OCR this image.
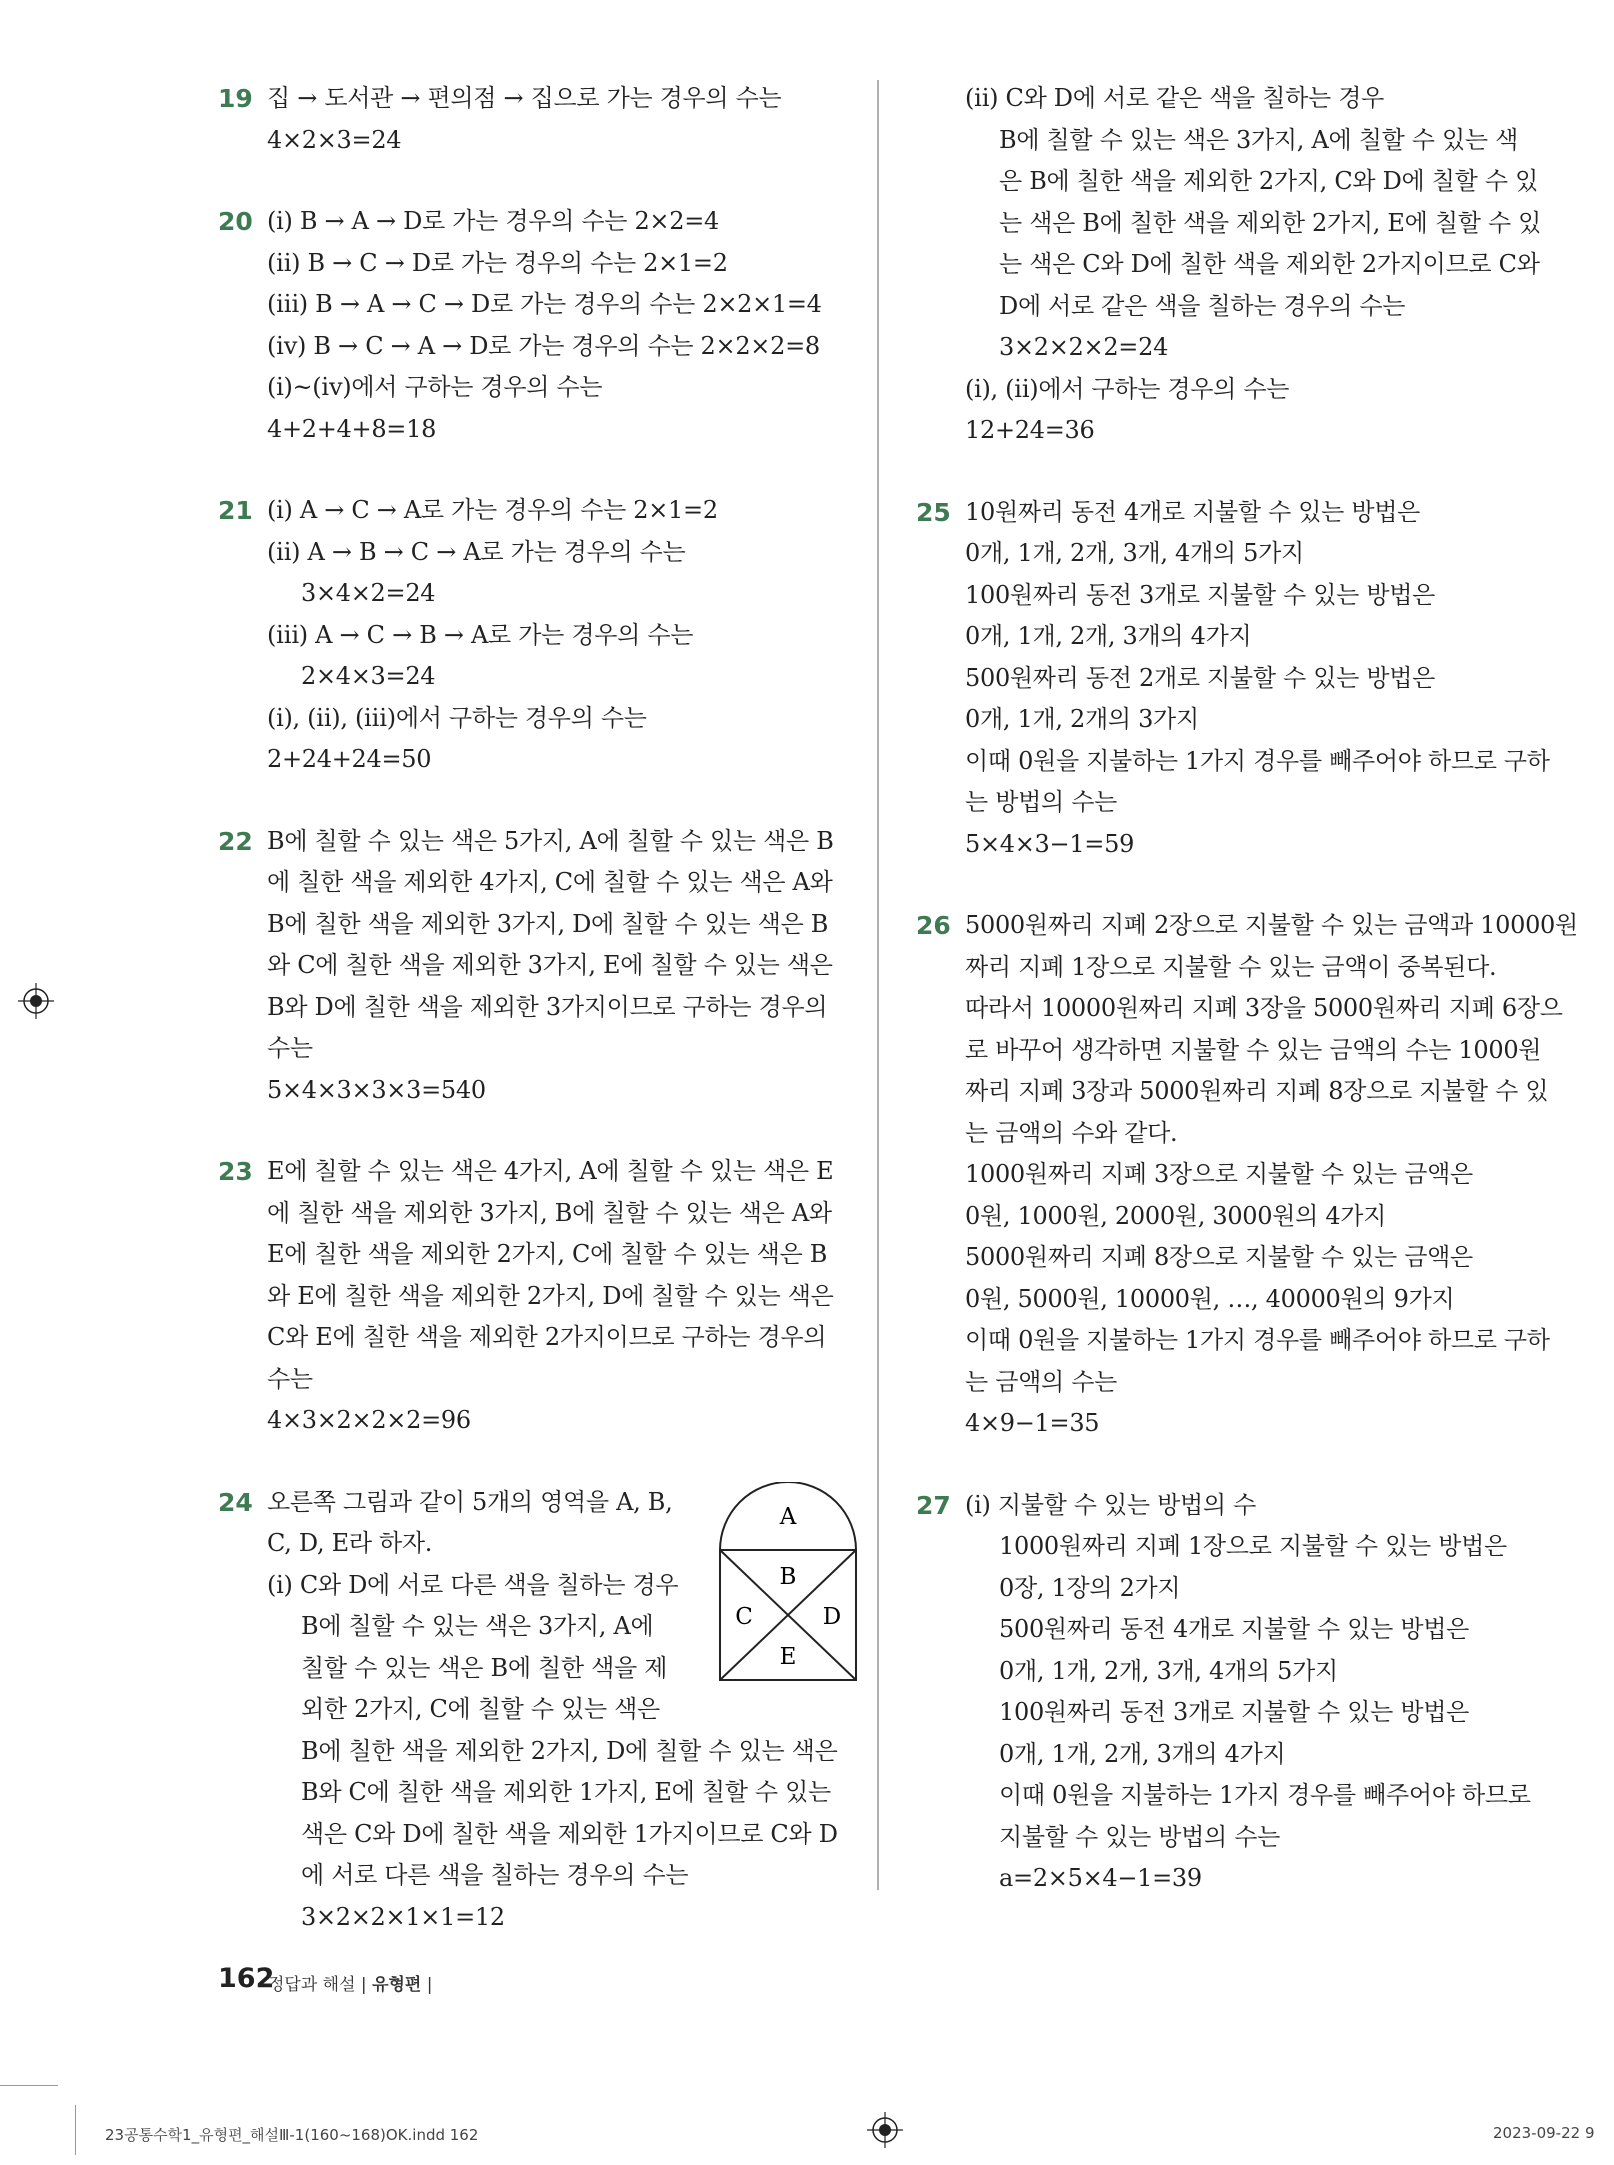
19 집 → 도서관 → 편의점 → 집으로 가는 경우의 수는
4×2×3=24
20 (ⅰ) B → A → D로 가는 경우의 수는 2×2=4
(ⅱ) B → C → D로 가는 경우의 수는 2×1=2
(ⅲ) B → A → C → D로 가는 경우의 수는 2×2×1=4
(ⅳ) B → C → A → D로 가는 경우의 수는 2×2×2=8
(ⅰ)~(ⅳ)에서 구하는 경우의 수는
4+2+4+8=18
21 (ⅰ) A → C → A로 가는 경우의 수는 2×1=2
(ⅱ) A → B → C → A로 가는 경우의 수는
3×4×2=24
(ⅲ) A → C → B → A로 가는 경우의 수는
2×4×3=24
(ⅰ), (ⅱ), (ⅲ)에서 구하는 경우의 수는
2+24+24=50
22 B에 칠할 수 있는 색은 5가지, A에 칠할 수 있는 색은 B
에 칠한 색을 제외한 4가지, C에 칠할 수 있는 색은 A와
B에 칠한 색을 제외한 3가지, D에 칠할 수 있는 색은 B
와 C에 칠한 색을 제외한 3가지, E에 칠할 수 있는 색은
B와 D에 칠한 색을 제외한 3가지이므로 구하는 경우의
수는
5×4×3×3×3=540
23 E에 칠할 수 있는 색은 4가지, A에 칠할 수 있는 색은 E
에 칠한 색을 제외한 3가지, B에 칠할 수 있는 색은 A와
E에 칠한 색을 제외한 2가지, C에 칠할 수 있는 색은 B
와 E에 칠한 색을 제외한 2가지, D에 칠할 수 있는 색은
C와 E에 칠한 색을 제외한 2가지이므로 구하는 경우의
수는
4×3×2×2×2=96
24	A
B
C	D
E
오른쪽 그림과 같이 5개의 영역을 A, B,
C, D, E라 하자.
(ⅰ) C와 D에 서로 다른 색을 칠하는 경우
B에 칠할 수 있는 색은 3가지, A에
칠할 수 있는 색은 B에 칠한 색을 제
외한 2가지, C에 칠할 수 있는 색은
B에 칠한 색을 제외한 2가지, D에 칠할 수 있는 색은
B와 C에 칠한 색을 제외한 1가지, E에 칠할 수 있는
색은 C와 D에 칠한 색을 제외한 1가지이므로 C와 D
에 서로 다른 색을 칠하는 경우의 수는
3×2×2×1×1=12
(ⅱ) C와 D에 서로 같은 색을 칠하는 경우
B에 칠할 수 있는 색은 3가지, A에 칠할 수 있는 색
은 B에 칠한 색을 제외한 2가지, C와 D에 칠할 수 있
는 색은 B에 칠한 색을 제외한 2가지, E에 칠할 수 있
는 색은 C와 D에 칠한 색을 제외한 2가지이므로 C와
D에 서로 같은 색을 칠하는 경우의 수는
3×2×2×2=24
(ⅰ), (ⅱ)에서 구하는 경우의 수는
12+24=36
25 10원짜리 동전 4개로 지불할 수 있는 방법은
0개, 1개, 2개, 3개, 4개의 5가지
100원짜리 동전 3개로 지불할 수 있는 방법은
0개, 1개, 2개, 3개의 4가지
500원짜리 동전 2개로 지불할 수 있는 방법은
0개, 1개, 2개의 3가지
이때 0원을 지불하는 1가지 경우를 빼주어야 하므로 구하
는 방법의 수는
5×4×3−1=59
26 5000원짜리 지폐 2장으로 지불할 수 있는 금액과 10000원
짜리 지폐 1장으로 지불할 수 있는 금액이 중복된다.
따라서 10000원짜리 지폐 3장을 5000원짜리 지폐 6장으
로 바꾸어 생각하면 지불할 수 있는 금액의 수는 1000원
짜리 지폐 3장과 5000원짜리 지폐 8장으로 지불할 수 있
는 금액의 수와 같다.
1000원짜리 지폐 3장으로 지불할 수 있는 금액은
0원, 1000원, 2000원, 3000원의 4가지
5000원짜리 지폐 8장으로 지불할 수 있는 금액은
0원, 5000원, 10000원, …, 40000원의 9가지
이때 0원을 지불하는 1가지 경우를 빼주어야 하므로 구하
는 금액의 수는
4×9−1=35
27 (ⅰ) 지불할 수 있는 방법의 수
1000원짜리 지폐 1장으로 지불할 수 있는 방법은
0장, 1장의 2가지
500원짜리 동전 4개로 지불할 수 있는 방법은
0개, 1개, 2개, 3개, 4개의 5가지
100원짜리 동전 3개로 지불할 수 있는 방법은
0개, 1개, 2개, 3개의 4가지
이때 0원을 지불하는 1가지 경우를 빼주어야 하므로
지불할 수 있는 방법의 수는
a=2×5×4−1=39
162
정답과 해설 | 유형편 |
23공통수학1_유형편_해설Ⅲ-1(160~168)OK.indd 162	2023-09-22 9
